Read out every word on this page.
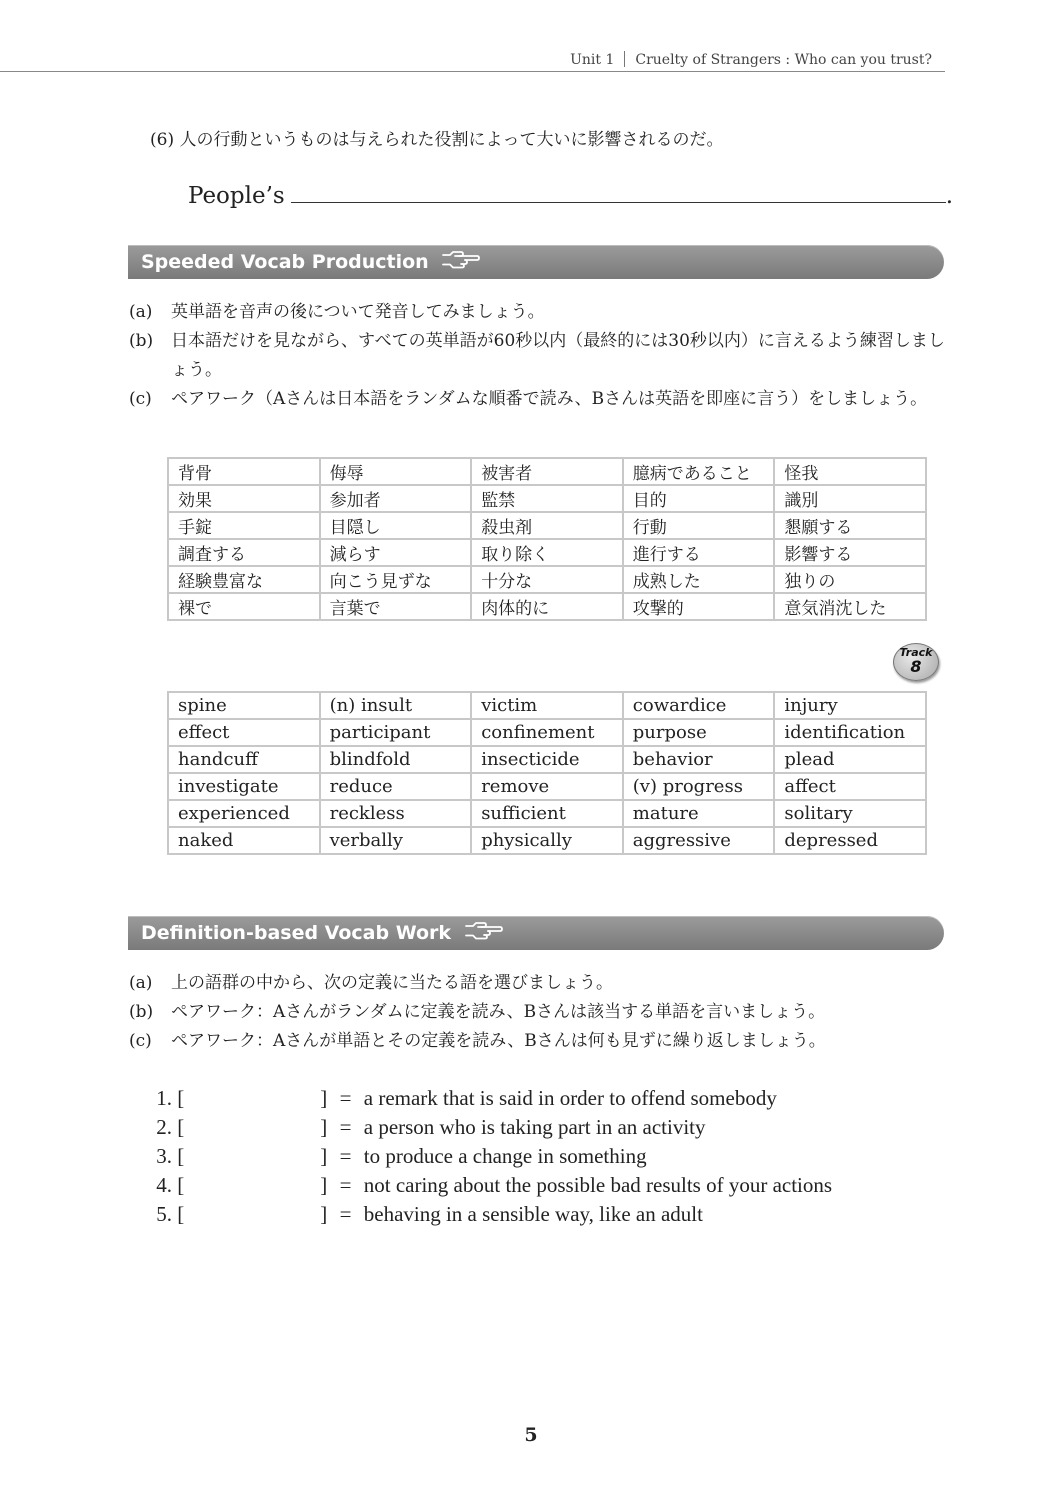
Unit 1 Cruelty of Strangers : Who can you trust?
(6) 人の行動というものは与えられた役割によって大いに影響されるのだ。
People’s	.
Speeded Vocab Production
(a)	英単語を音声の後について発音してみましょう。
(b)	日本語だけを見ながら、すべての英単語が60秒以内（最終的には30秒以内）に言えるよう練習しましょう。
(c)	ペアワーク（Aさんは日本語をランダムな順番で読み、Bさんは英語を即座に言う）をしましょう。
背骨	侮辱	被害者	臆病であること	怪我
効果	参加者	監禁	目的	識別
手錠	目隠し	殺虫剤	行動	懇願する
調査する	減らす	取り除く	進行する	影響する
経験豊富な	向こう見ずな	十分な	成熟した	独りの
裸で	言葉で	肉体的に	攻撃的	意気消沈した
Track
8
spine	(n) insult	victim	cowardice	injury
effect	participant	confinement	purpose	identification
handcuff	blindfold	insecticide	behavior	plead
investigate	reduce	remove	(v) progress	affect
experienced	reckless	sufficient	mature	solitary
naked	verbally	physically	aggressive	depressed
Definition-based Vocab Work
(a)	上の語群の中から、次の定義に当たる語を選びましょう。
(b)	ペアワーク：Aさんがランダムに定義を読み、Bさんは該当する単語を言いましょう。
(c)	ペアワーク：Aさんが単語とその定義を読み、Bさんは何も見ずに繰り返しましょう。
1. [	] = a remark that is said in order to offend somebody
2. [	] = a person who is taking part in an activity
3. [	] = to produce a change in something
4. [	] = not caring about the possible bad results of your actions
5. [	] = behaving in a sensible way, like an adult
5
